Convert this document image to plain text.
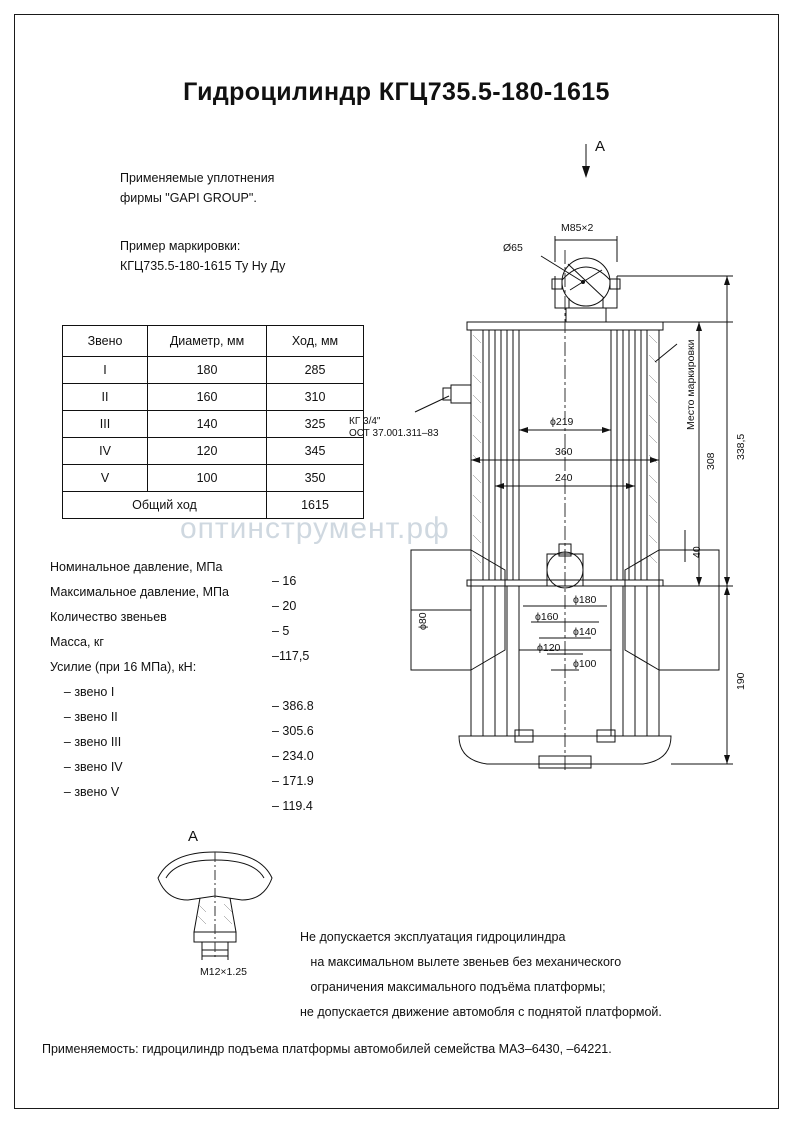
Гидроцилиндр КГЦ735.5-180-1615
Применяемые уплотнения
фирмы "GAPI GROUP".
Пример маркировки:
КГЦ735.5-180-1615 Ту Ну Ду
Звено	Диаметр, мм	Ход, мм
I	180	285
II	160	310
III	140	325
IV	120	345
V	100	350
Общий ход		1615
оптинструмент.рф

Номинальное давление, МПа

– 16

Максимальное давление, МПа

– 20

Количество звеньев

– 5

Масса, кг

–117,5

Усилие (при 16 МПа), кН:

– звено I

– 386.8

– звено II

– 305.6

– звено III

– 234.0

– звено IV

– 171.9

– звено V

– 119.4

А
М85×2
Ø65
308
338,5
190
40
Место маркировки
ϕ219
360
240
ϕ180
ϕ160
ϕ140
ϕ120
ϕ100
ϕ80
КГ 3/4"
ОСТ 37.001.311–83
А
М12×1.25
Не допускается эксплуатация гидроцилиндра
на максимальном вылете звеньев без механического
ограничения максимального подъёма платформы;
не допускается движение автомобля с поднятой платформой.
Применяемость: гидроцилиндр подъема платформы автомобилей семейства МАЗ–6430, –64221.
